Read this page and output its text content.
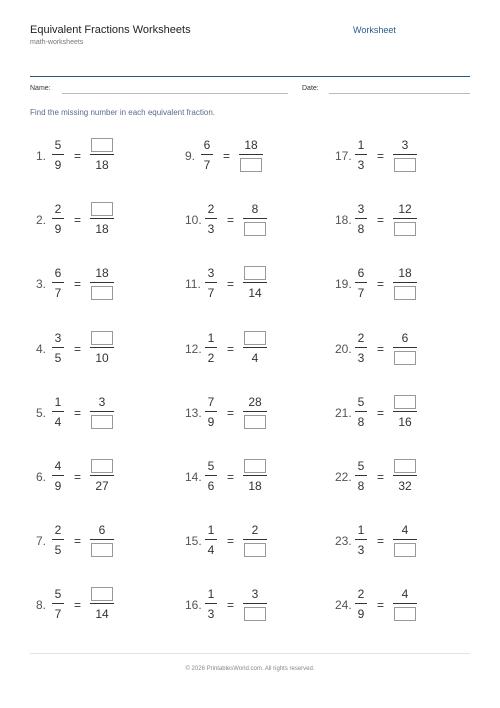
Equivalent Fractions Worksheets
math-worksheets
Worksheet
Name:	Date:
Find the missing number in each equivalent fraction.
1.
5
9
=
18
2.
2
9
=
18
3.
6
7
=
18
4.
3
5
=
10
5.
1
4
=
3
6.
4
9
=
27
7.
2
5
=
6
8.
5
7
=
14
9.
6
7
=
18
10.
2
3
=
8
11.
3
7
=
14
12.
1
2
=
4
13.
7
9
=
28
14.
5
6
=
18
15.
1
4
=
2
16.
1
3
=
3
17.
1
3
=
3
18.
3
8
=
12
19.
6
7
=
18
20.
2
3
=
6
21.
5
8
=
16
22.
5
8
=
32
23.
1
3
=
4
24.
2
9
=
4
© 2026 PrintablesWorld.com. All rights reserved.
